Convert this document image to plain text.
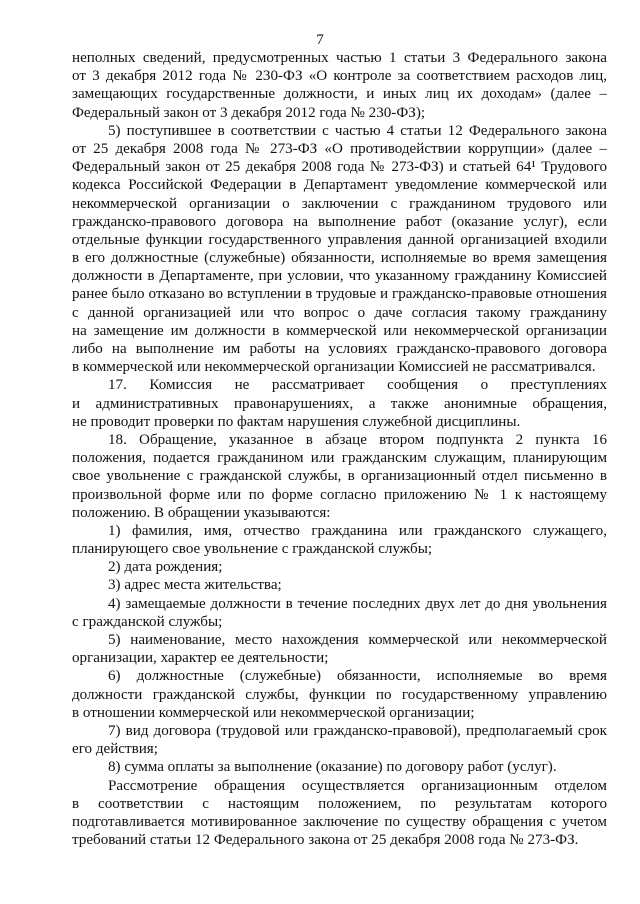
7
неполных сведений, предусмотренных частью 1 статьи 3 Федерального закона
от 3 декабря 2012 года № 230-ФЗ «О контроле за соответствием расходов лиц,
замещающих государственные должности, и иных лиц их доходам» (далее –
Федеральный закон от 3 декабря 2012 года № 230-ФЗ);
5) поступившее в соответствии с частью 4 статьи 12 Федерального закона
от 25 декабря 2008 года № 273-ФЗ «О противодействии коррупции» (далее –
Федеральный закон от 25 декабря 2008 года № 273-ФЗ) и статьей 64¹ Трудового
кодекса Российской Федерации в Департамент уведомление коммерческой или
некоммерческой организации о заключении с гражданином трудового или
гражданско-правового договора на выполнение работ (оказание услуг), если
отдельные функции государственного управления данной организацией входили
в его должностные (служебные) обязанности, исполняемые во время замещения
должности в Департаменте, при условии, что указанному гражданину Комиссией
ранее было отказано во вступлении в трудовые и гражданско-правовые отношения
с данной организацией или что вопрос о даче согласия такому гражданину
на замещение им должности в коммерческой или некоммерческой организации
либо на выполнение им работы на условиях гражданско-правового договора
в коммерческой или некоммерческой организации Комиссией не рассматривался.
17. Комиссия не рассматривает сообщения о преступлениях
и административных правонарушениях, а также анонимные обращения,
не проводит проверки по фактам нарушения служебной дисциплины.
18. Обращение, указанное в абзаце втором подпункта 2 пункта 16
положения, подается гражданином или гражданским служащим, планирующим
свое увольнение с гражданской службы, в организационный отдел письменно в
произвольной форме или по форме согласно приложению № 1 к настоящему
положению. В обращении указываются:
1) фамилия, имя, отчество гражданина или гражданского служащего,
планирующего свое увольнение с гражданской службы;
2) дата рождения;
3) адрес места жительства;
4) замещаемые должности в течение последних двух лет до дня увольнения
с гражданской службы;
5) наименование, место нахождения коммерческой или некоммерческой
организации, характер ее деятельности;
6) должностные (служебные) обязанности, исполняемые во время
должности гражданской службы, функции по государственному управлению
в отношении коммерческой или некоммерческой организации;
7) вид договора (трудовой или гражданско-правовой), предполагаемый срок
его действия;
8) сумма оплаты за выполнение (оказание) по договору работ (услуг).
Рассмотрение обращения осуществляется организационным отделом
в соответствии с настоящим положением, по результатам которого
подготавливается мотивированное заключение по существу обращения с учетом
требований статьи 12 Федерального закона от 25 декабря 2008 года № 273-ФЗ.
